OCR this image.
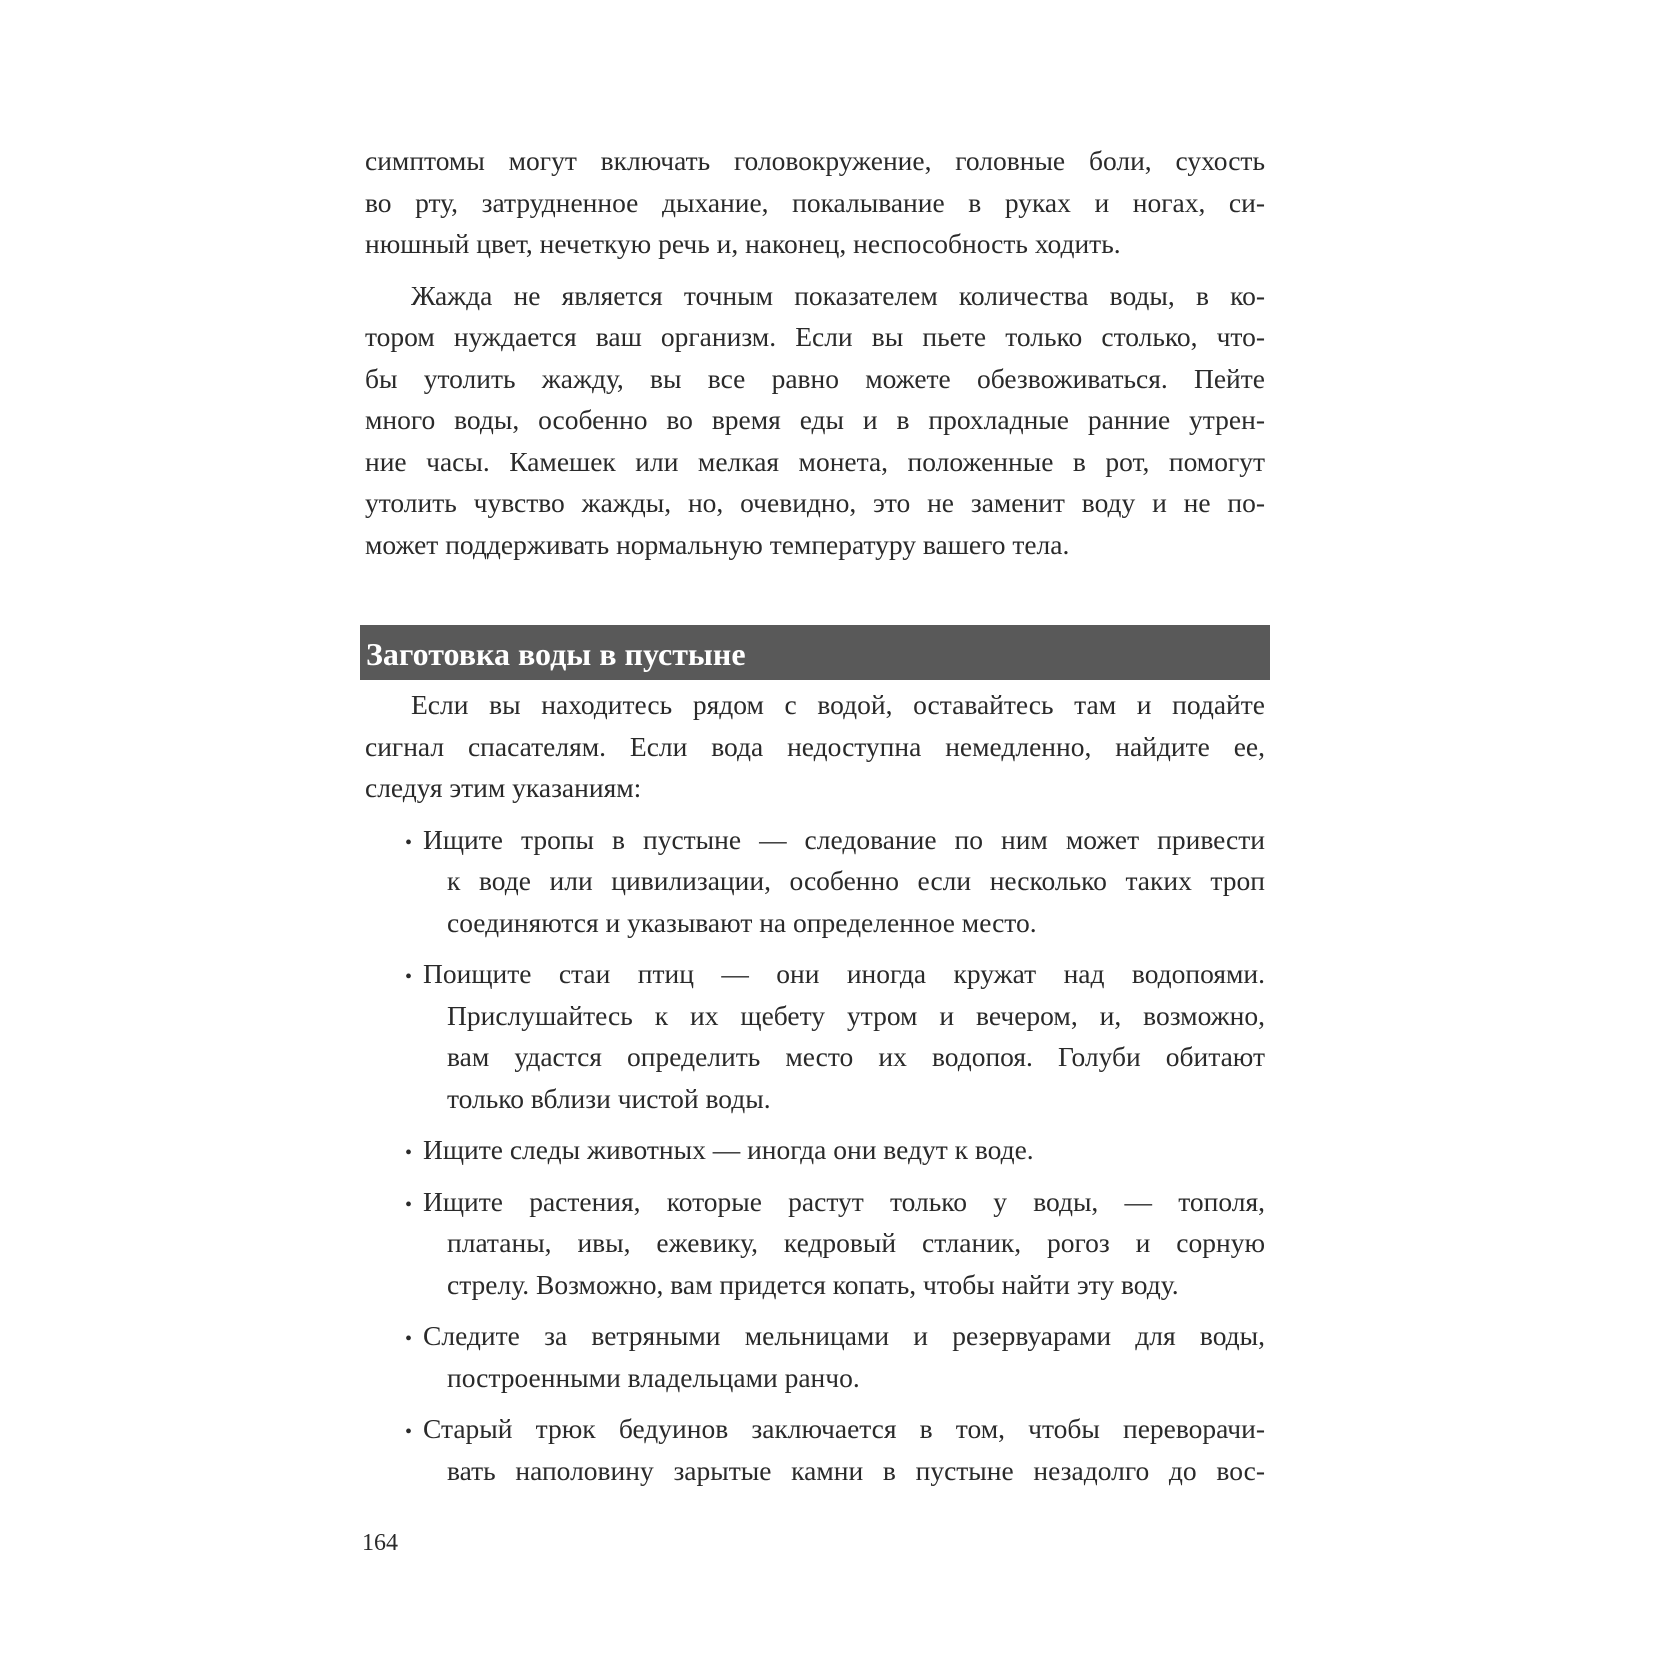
симптомы могут включать головокружение, головные боли, сухость
во рту, затрудненное дыхание, покалывание в руках и ногах, си-
нюшный цвет, нечеткую речь и, наконец, неспособность ходить.
Жажда не является точным показателем количества воды, в ко-
тором нуждается ваш организм. Если вы пьете только столько, что-
бы утолить жажду, вы все равно можете обезвоживаться. Пейте
много воды, особенно во время еды и в прохладные ранние утрен-
ние часы. Камешек или мелкая монета, положенные в рот, помогут
утолить чувство жажды, но, очевидно, это не заменит воду и не по-
может поддерживать нормальную температуру вашего тела.
Заготовка воды в пустыне
Если вы находитесь рядом с водой, оставайтесь там и подайте
сигнал спасателям. Если вода недоступна немедленно, найдите ее,
следуя этим указаниям:
• Ищите тропы в пустыне — следование по ним может привести
к воде или цивилизации, особенно если несколько таких троп
соединяются и указывают на определенное место.
• Поищите стаи птиц — они иногда кружат над водопоями.
Прислушайтесь к их щебету утром и вечером, и, возможно,
вам удастся определить место их водопоя. Голуби обитают
только вблизи чистой воды.
• Ищите следы животных — иногда они ведут к воде.
• Ищите растения, которые растут только у воды, — тополя,
платаны, ивы, ежевику, кедровый стланик, рогоз и сорную
стрелу. Возможно, вам придется копать, чтобы найти эту воду.
• Следите за ветряными мельницами и резервуарами для воды,
построенными владельцами ранчо.
• Старый трюк бедуинов заключается в том, чтобы переворачи-
вать наполовину зарытые камни в пустыне незадолго до вос-
164
